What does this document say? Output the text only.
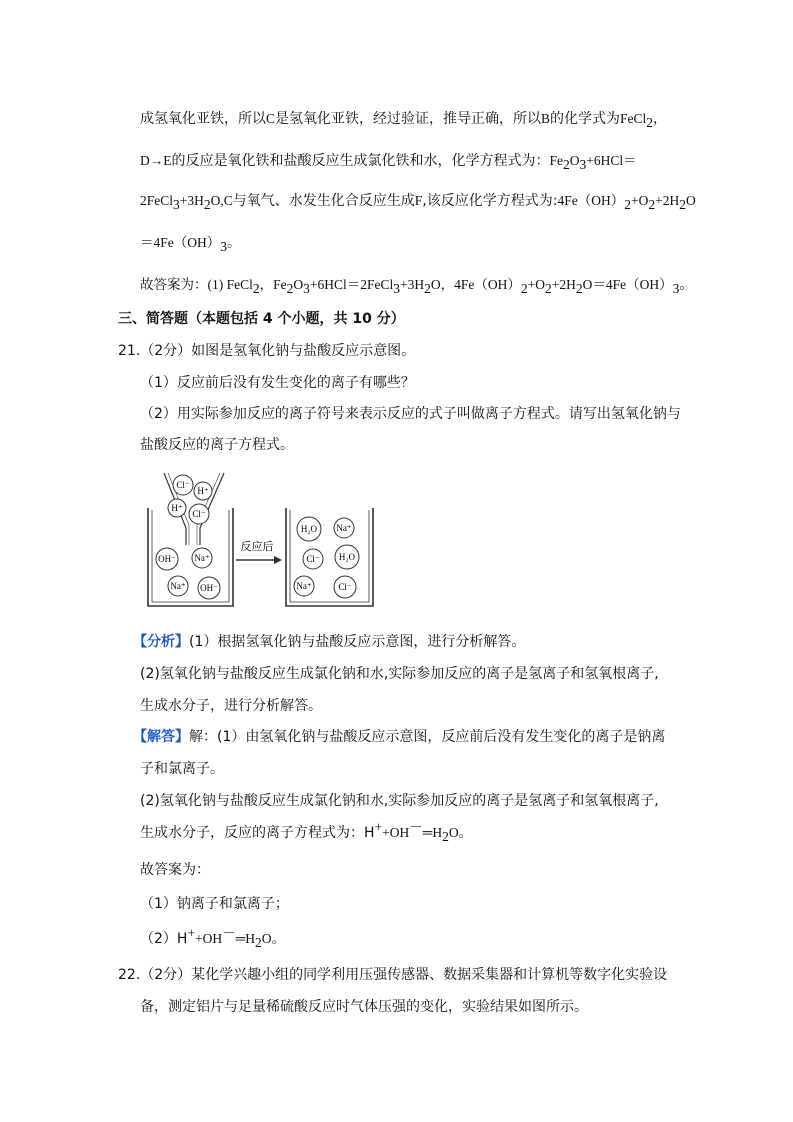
成氢氧化亚铁，所以C是氢氧化亚铁，经过验证，推导正确，所以B的化学式为FeCl$_2$，
D→E的反应是氧化铁和盐酸反应生成氯化铁和水，化学方程式为：$Fe_2O_3+6HCl=$
$2FeCl_3+3H_2O,C$与氧气、水发生化合反应生成F,该反应化学方程式为$:4Fe(OH)_2+O_2+2H_2O$
$=4Fe(OH)_3$。
故答案为：(1) FeCl$_2$，$Fe_2O_3+6HCl=2FeCl_3+3H_2O$，$4Fe(OH)_2+O_2+2H_2O=4Fe(OH)_3$。
三、简答题（本题包括 4 个小题，共 10 分）
21.（2分）如图是氢氧化钠与盐酸反应示意图。
（1）反应前后没有发生变化的离子有哪些？
（2）用实际参加反应的离子符号来表示反应的式子叫做离子方程式。请写出氢氧化钠与
盐酸反应的离子方程式。
Cl⁻
H⁺
H⁺
Cl⁻
OH⁻ Na⁺
Na⁺ OH⁻
反应后
H₂O Na⁺
Cl⁻ H₂O
Na⁺	Cl⁻
【分析】(1）根据氢氧化钠与盐酸反应示意图，进行分析解答。
(2)氢氧化钠与盐酸反应生成氯化钠和水,实际参加反应的离子是氢离子和氢氧根离子,
生成水分子，进行分析解答。
【解答】解：(1）由氢氧化钠与盐酸反应示意图，反应前后没有发生变化的离子是钠离
子和氯离子。
(2)氢氧化钠与盐酸反应生成氯化钠和水,实际参加反应的离子是氢离子和氢氧根离子,
生成水分子，反应的离子方程式为：$H^++OH^-═H_2O$。
故答案为：
（1）钠离子和氯离子；
$(2)H^++OH^-═H_2O$。
22.（2分）某化学兴趣小组的同学利用压强传感器、数据采集器和计算机等数字化实验设
备，测定铝片与足量稀硫酸反应时气体压强的变化，实验结果如图所示。
